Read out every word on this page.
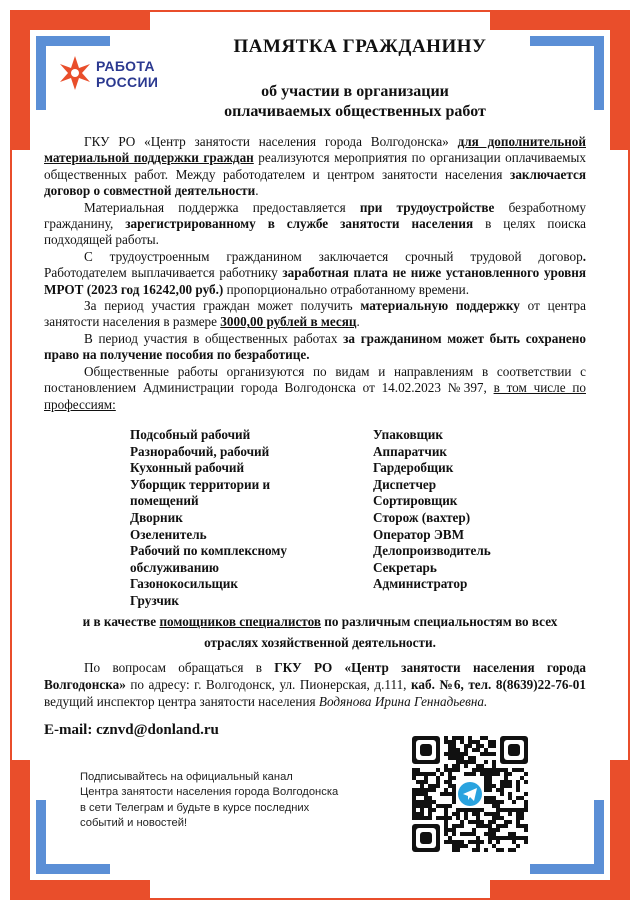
РАБОТА
РОССИИ
ПАМЯТКА ГРАЖДАНИНУ
об участии в организации
оплачиваемых общественных работ

ГКУ РО «Центр занятости населения города Волгодонска» для дополнительной материальной поддержки граждан реализуются мероприятия по организации оплачиваемых общественных работ. Между работодателем и центром занятости населения заключается договор о совместной деятельности.

Материальная поддержка предоставляется при трудоустройстве безработному гражданину, зарегистрированному в службе занятости населения в целях поиска подходящей работы.

С трудоустроенным гражданином заключается срочный трудовой договор. Работодателем выплачивается работнику заработная плата не ниже установленного уровня МРОТ (2023 год 16242,00 руб.) пропорционально отработанному времени.

За период участия граждан может получить материальную поддержку от центра занятости населения в размере 3000,00 рублей в месяц.

В период участия в общественных работах за гражданином может быть сохранено право на получение пособия по безработице.

Общественные работы организуются по видам и направлениям в соответствии с постановлением Администрации города Волгодонска от 14.02.2023 №397, в том числе по профессиям:

Подсобный рабочий
Разнорабочий, рабочий
Кухонный рабочий
Уборщик территории и
помещений
Дворник
Озеленитель
Рабочий по комплексному
обслуживанию
Газонокосильщик
Грузчик
Упаковщик
Аппаратчик
Гардеробщик
Диспетчер
Сортировщик
Сторож (вахтер)
Оператор ЭВМ
Делопроизводитель
Секретарь
Администратор
и в качестве помощников специалистов по различным специальностям во всех
отраслях хозяйственной деятельности.

По вопросам обращаться в ГКУ РО «Центр занятости населения города Волгодонска» по адресу: г. Волгодонск, ул. Пионерская, д.111, каб. №6, тел. 8(8639)22-76-01 ведущий инспектор центра занятости населения Водянова Ирина Геннадьевна.

E-mail: cznvd@donland.ru
Подписывайтесь на официальный канал
Центра занятости населения города Волгодонска
в сети Телеграм и будьте в курсе последних
событий и новостей!
